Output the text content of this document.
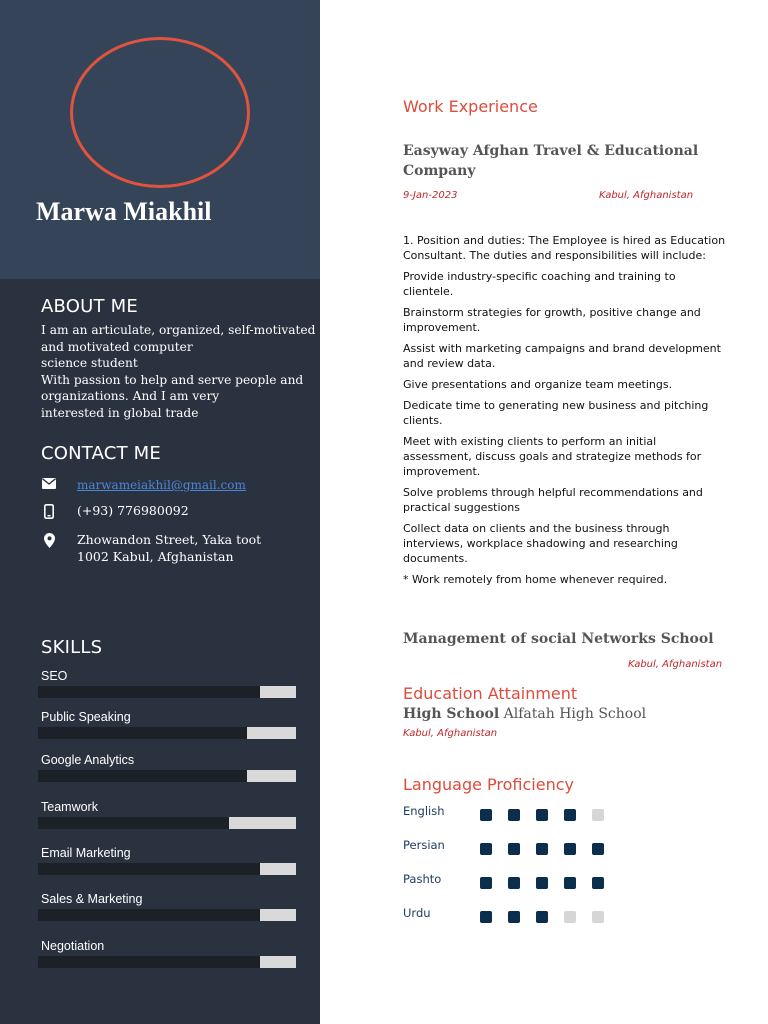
Marwa Miakhil
ABOUT ME
I am an articulate, organized, self-motivated
and motivated computer
science student
With passion to help and serve people and
organizations. And I am very
interested in global trade
CONTACT ME
marwameiakhil@gmail.com
(+93) 776980092
Zhowandon Street, Yaka toot
1002 Kabul, Afghanistan
SKILLS
SEO
Public Speaking
Google Analytics
Teamwork
Email Marketing
Sales & Marketing
Negotiation
Work Experience
Easyway Afghan Travel & Educational Company
9-Jan-2023	Kabul, Afghanistan
1. Position and duties: The Employee is hired as Education Consultant. The duties and responsibilities will include:
Provide industry-specific coaching and training to clientele.
Brainstorm strategies for growth, positive change and improvement.
Assist with marketing campaigns and brand development and review data.
Give presentations and organize team meetings.
Dedicate time to generating new business and pitching clients.
Meet with existing clients to perform an initial assessment, discuss goals and strategize methods for improvement.
Solve problems through helpful recommendations and practical suggestions
Collect data on clients and the business through interviews, workplace shadowing and researching documents.
* Work remotely from home whenever required.
Management of social Networks School
Kabul, Afghanistan
Education Attainment
High School Alfatah High School
Kabul, Afghanistan
Language Proficiency
English
Persian
Pashto
Urdu
